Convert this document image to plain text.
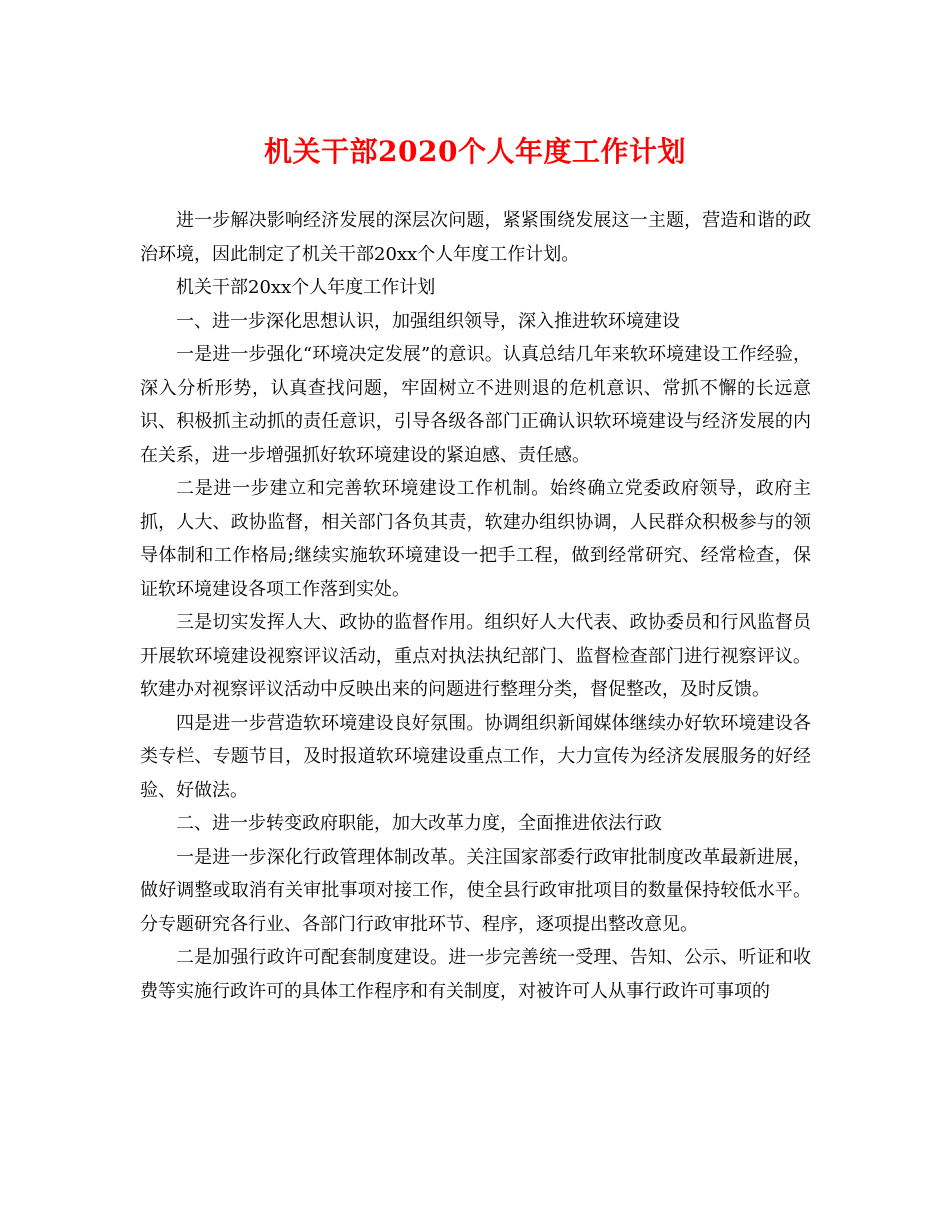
机关干部2020个人年度工作计划

进一步解决影响经济发展的深层次问题，紧紧围绕发展这一主题，营造和谐的政治环境，因此制定了机关干部20xx个人年度工作计划。

机关干部20xx个人年度工作计划

一、进一步深化思想认识，加强组织领导，深入推进软环境建设

一是进一步强化“环境决定发展”的意识。认真总结几年来软环境建设工作经验，深入分析形势，认真查找问题，牢固树立不进则退的危机意识、常抓不懈的长远意识、积极抓主动抓的责任意识，引导各级各部门正确认识软环境建设与经济发展的内在关系，进一步增强抓好软环境建设的紧迫感、责任感。

二是进一步建立和完善软环境建设工作机制。始终确立党委政府领导，政府主抓，人大、政协监督，相关部门各负其责，软建办组织协调，人民群众积极参与的领导体制和工作格局;继续实施软环境建设一把手工程，做到经常研究、经常检查，保证软环境建设各项工作落到实处。

三是切实发挥人大、政协的监督作用。组织好人大代表、政协委员和行风监督员开展软环境建设视察评议活动，重点对执法执纪部门、监督检查部门进行视察评议。软建办对视察评议活动中反映出来的问题进行整理分类，督促整改，及时反馈。

四是进一步营造软环境建设良好氛围。协调组织新闻媒体继续办好软环境建设各类专栏、专题节目，及时报道软环境建设重点工作，大力宣传为经济发展服务的好经验、好做法。

二、进一步转变政府职能，加大改革力度，全面推进依法行政

一是进一步深化行政管理体制改革。关注国家部委行政审批制度改革最新进展，做好调整或取消有关审批事项对接工作，使全县行政审批项目的数量保持较低水平。分专题研究各行业、各部门行政审批环节、程序，逐项提出整改意见。

二是加强行政许可配套制度建设。进一步完善统一受理、告知、公示、听证和收费等实施行政许可的具体工作程序和有关制度，对被许可人从事行政许可事项的
